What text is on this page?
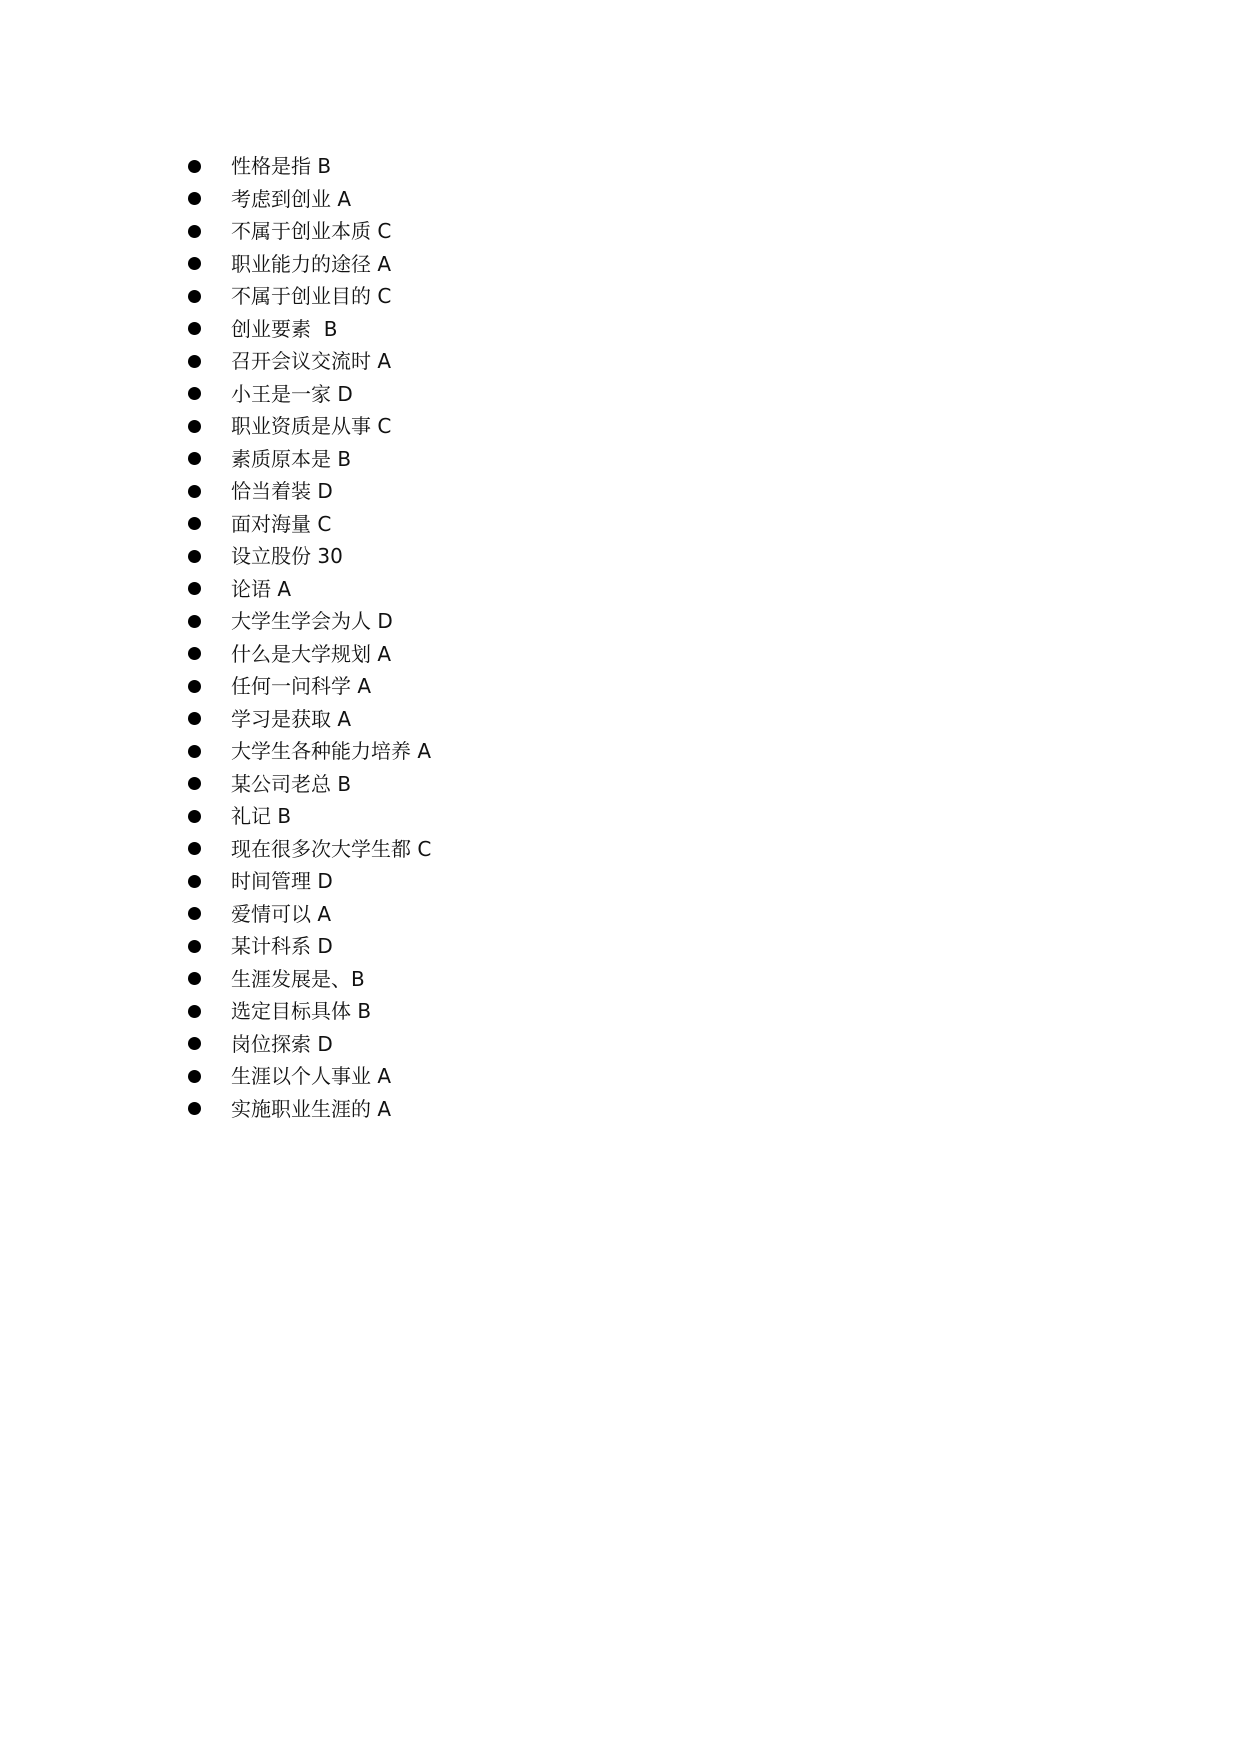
性格是指 B
考虑到创业 A
不属于创业本质 C
职业能力的途径 A
不属于创业目的 C
创业要素  B
召开会议交流时 A
小王是一家 D
职业资质是从事 C
素质原本是 B
恰当着装 D
面对海量 C
设立股份 30
论语 A
大学生学会为人 D
什么是大学规划 A
任何一问科学 A
学习是获取 A
大学生各种能力培养 A
某公司老总 B
礼记 B
现在很多次大学生都 C
时间管理 D
爱情可以 A
某计科系 D
生涯发展是、B
选定目标具体 B
岗位探索 D
生涯以个人事业 A
实施职业生涯的 A
